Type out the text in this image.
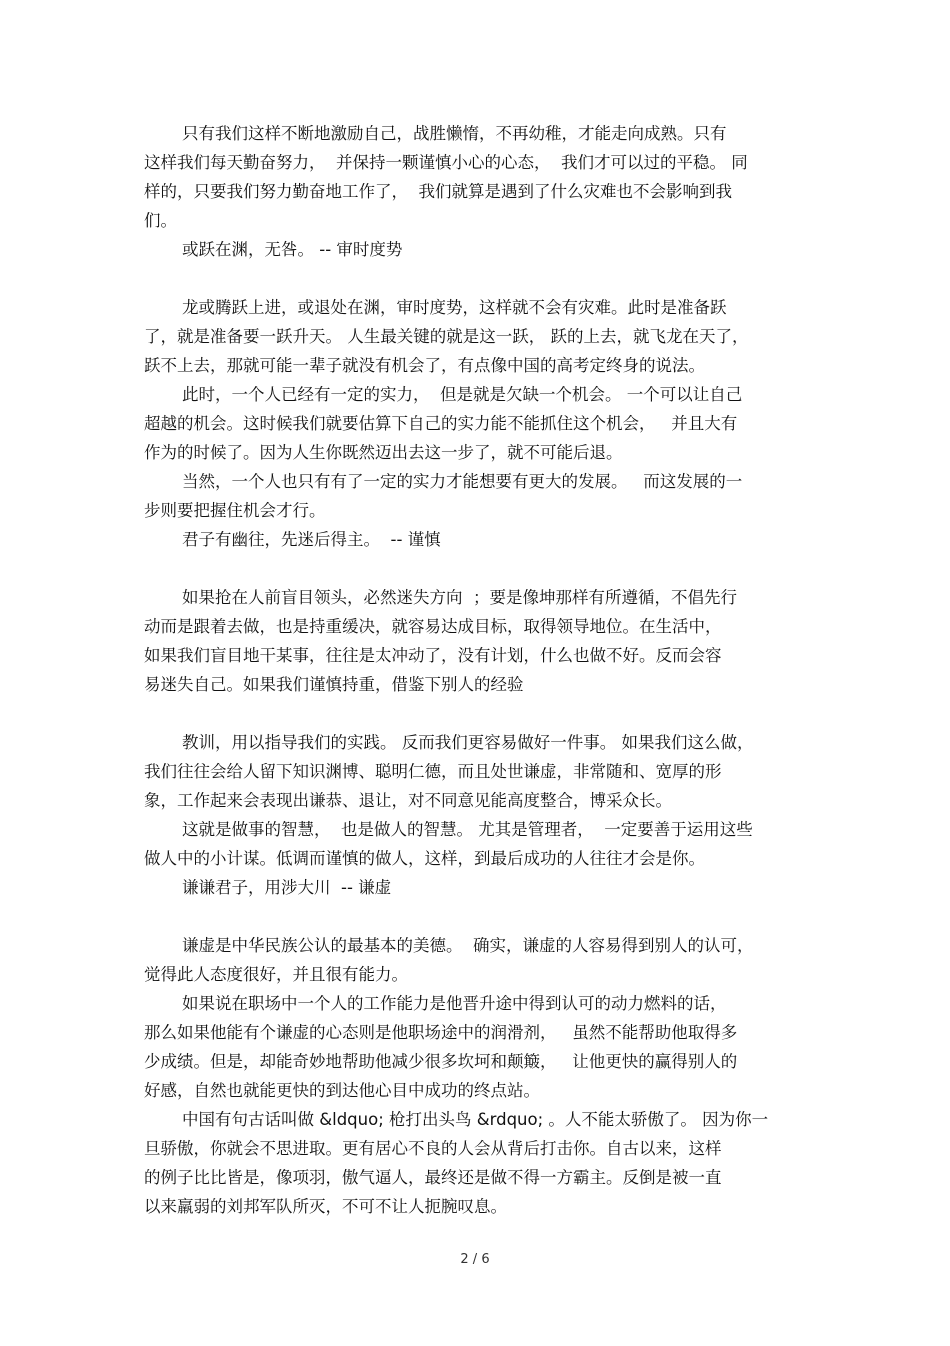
只有我们这样不断地激励自己，战胜懒惰，不再幼稚，才能走向成熟。只有
这样我们每天勤奋努力，  并保持一颗谨慎小心的心态，  我们才可以过的平稳。 同
样的，只要我们努力勤奋地工作了，  我们就算是遇到了什么灾难也不会影响到我
们。
或跃在渊，无咎。 -- 审时度势
龙或腾跃上进，或退处在渊，审时度势，这样就不会有灾难。此时是准备跃
了，就是准备要一跃升天。 人生最关键的就是这一跃， 跃的上去，就飞龙在天了，
跃不上去，那就可能一辈子就没有机会了，有点像中国的高考定终身的说法。
此时，一个人已经有一定的实力，  但是就是欠缺一个机会。 一个可以让自己
超越的机会。这时候我们就要估算下自己的实力能不能抓住这个机会，   并且大有
作为的时候了。因为人生你既然迈出去这一步了，就不可能后退。
当然，一个人也只有有了一定的实力才能想要有更大的发展。   而这发展的一
步则要把握住机会才行。
君子有幽往，先迷后得主。  -- 谨慎
如果抢在人前盲目领头，必然迷失方向  ；要是像坤那样有所遵循，不倡先行
动而是跟着去做，也是持重缓决，就容易达成目标，取得领导地位。在生活中，
如果我们盲目地干某事，往往是太冲动了，没有计划，什么也做不好。反而会容
易迷失自己。如果我们谨慎持重，借鉴下别人的经验
教训，用以指导我们的实践。 反而我们更容易做好一件事。 如果我们这么做，
我们往往会给人留下知识渊博、聪明仁德，而且处世谦虚，非常随和、宽厚的形
象，工作起来会表现出谦恭、退让，对不同意见能高度整合，博采众长。
这就是做事的智慧，  也是做人的智慧。 尤其是管理者，  一定要善于运用这些
做人中的小计谋。低调而谨慎的做人，这样，到最后成功的人往往才会是你。
谦谦君子，用涉大川  -- 谦虚
谦虚是中华民族公认的最基本的美德。  确实，谦虚的人容易得到别人的认可，
觉得此人态度很好，并且很有能力。
如果说在职场中一个人的工作能力是他晋升途中得到认可的动力燃料的话，
那么如果他能有个谦虚的心态则是他职场途中的润滑剂，   虽然不能帮助他取得多
少成绩。但是，却能奇妙地帮助他减少很多坎坷和颠簸，   让他更快的赢得别人的
好感，自然也就能更快的到达他心目中成功的终点站。
中国有句古话叫做 &ldquo; 枪打出头鸟 &rdquo; 。人不能太骄傲了。 因为你一
旦骄傲，你就会不思进取。更有居心不良的人会从背后打击你。自古以来，这样
的例子比比皆是，像项羽，傲气逼人，最终还是做不得一方霸主。反倒是被一直
以来羸弱的刘邦军队所灭，不可不让人扼腕叹息。
2 / 6
